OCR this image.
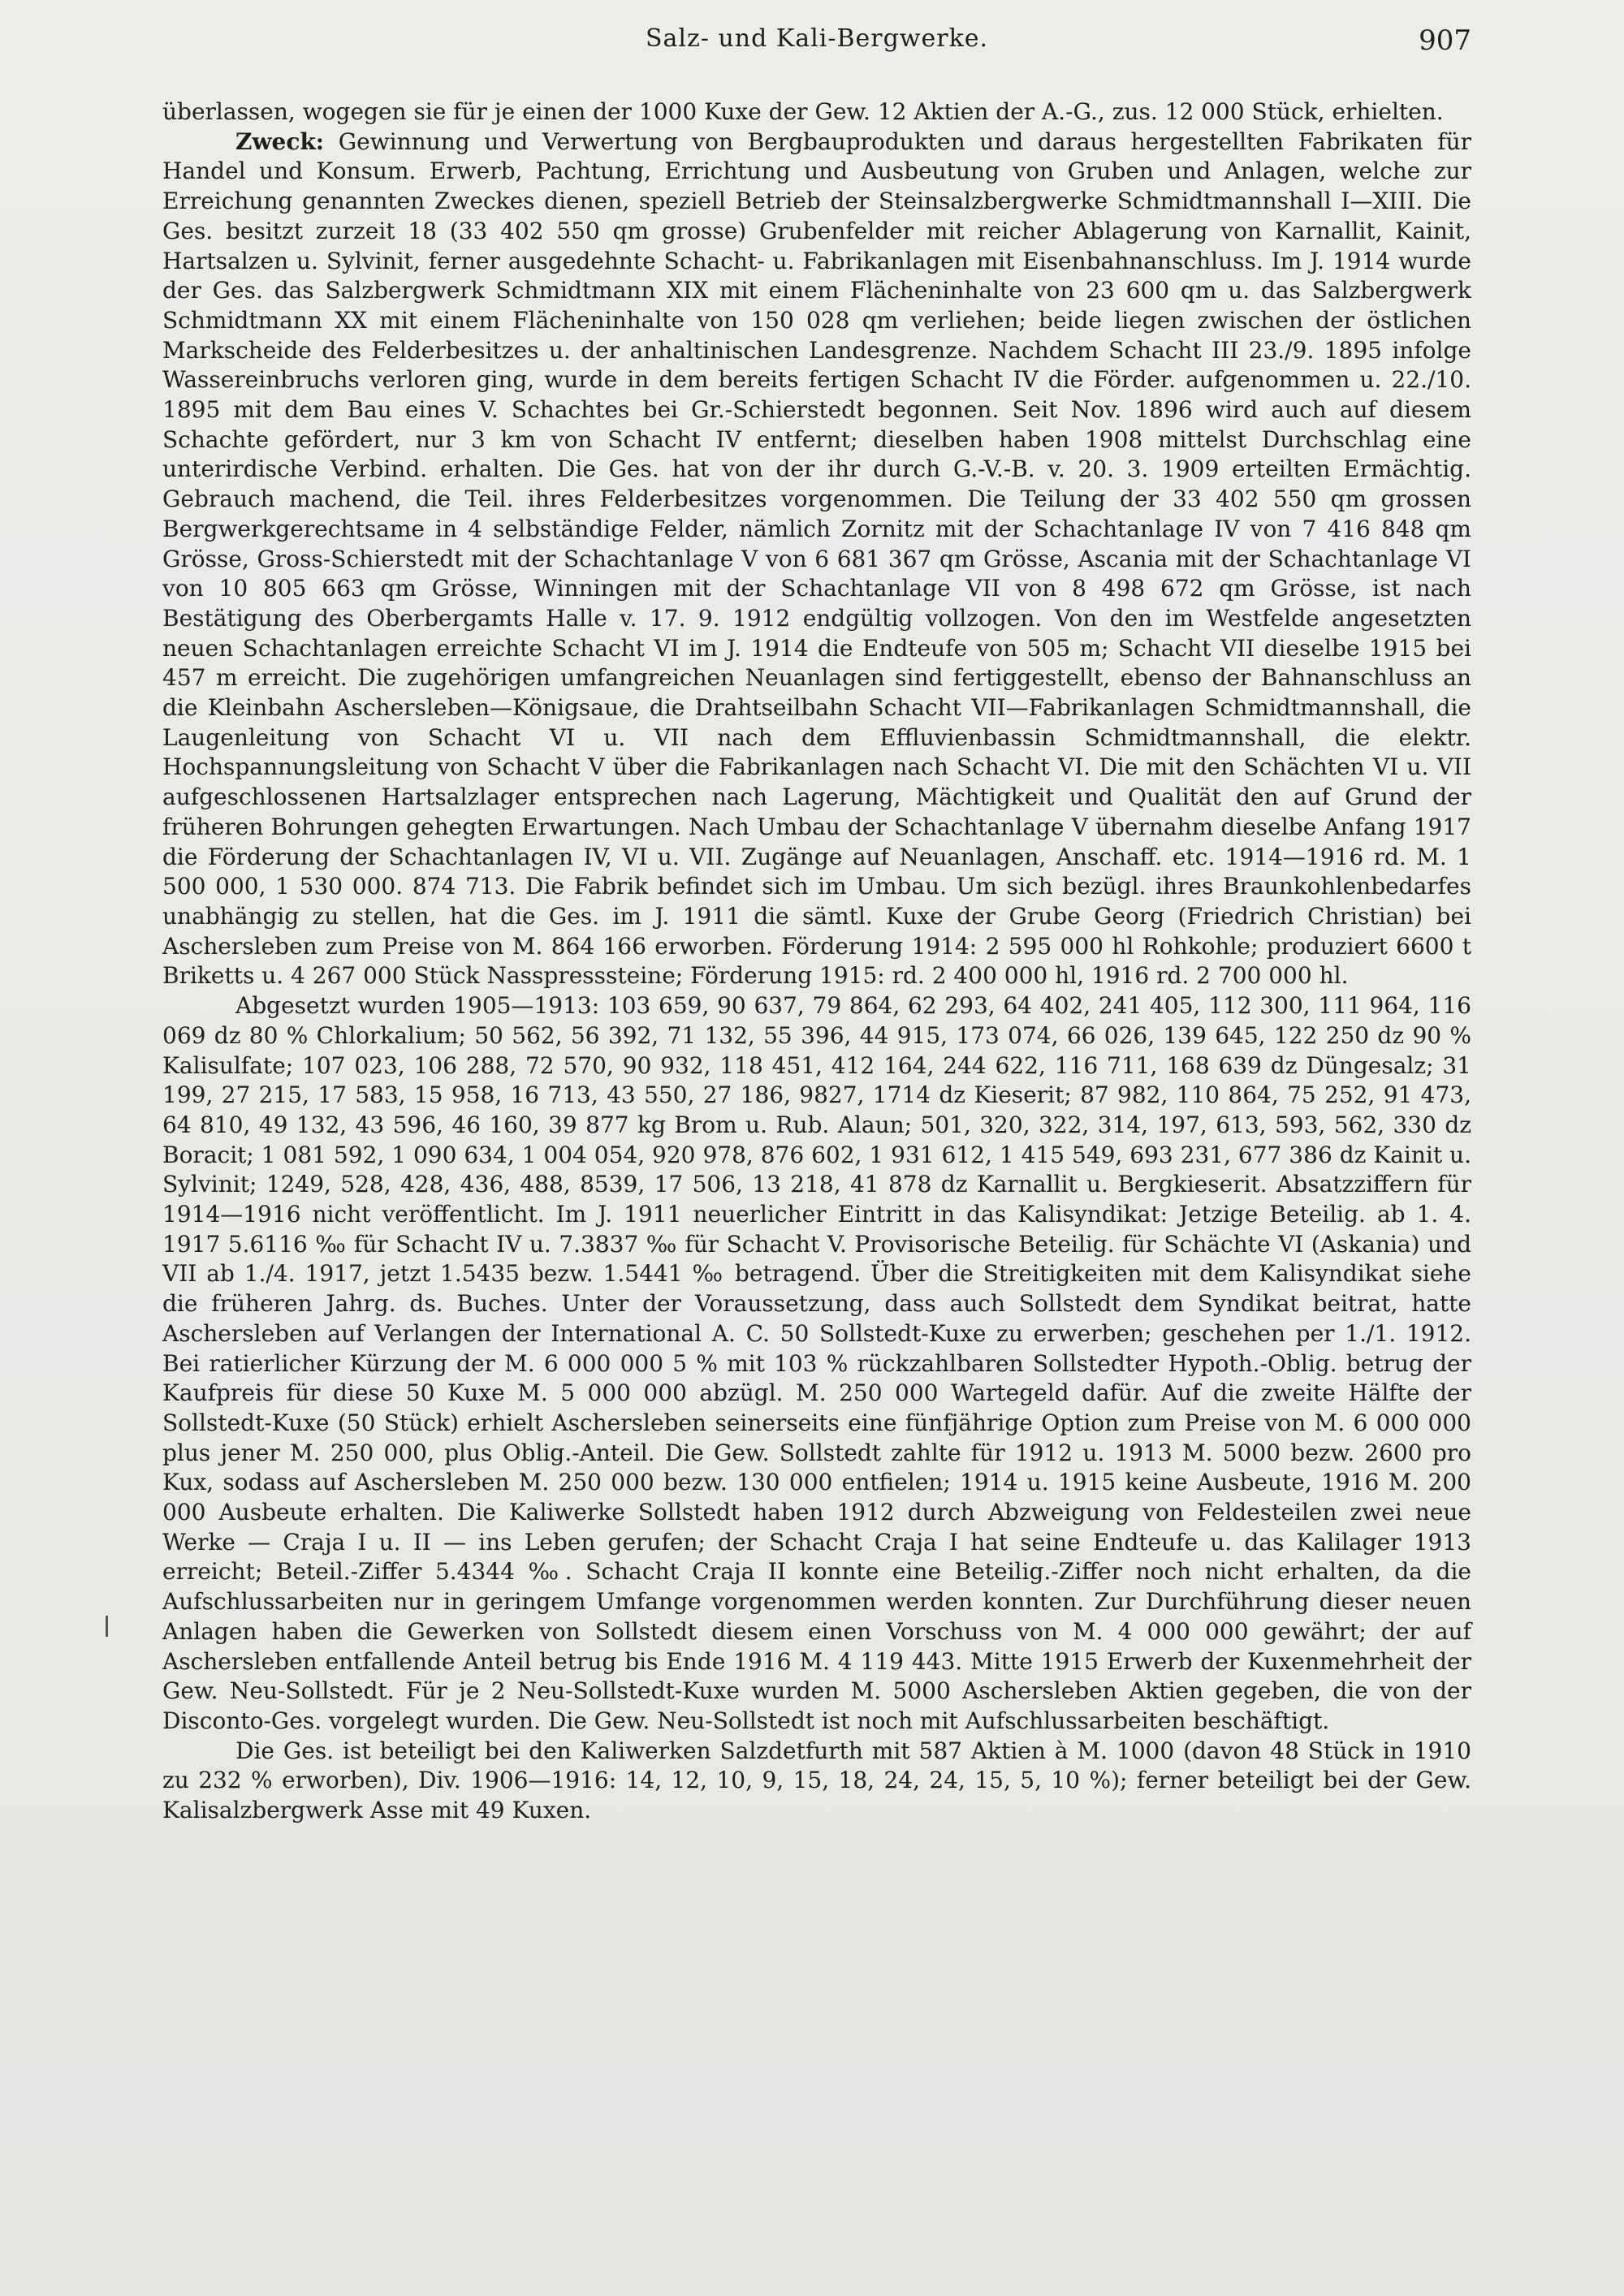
Salz- und Kali-Bergwerke.	907

überlassen, wogegen sie für je einen der 1000 Kuxe der Gew. 12 Aktien der A.-G., zus. 12 000 Stück, erhielten.

Zweck: Gewinnung und Verwertung von Bergbauprodukten und daraus hergestellten Fabrikaten für Handel und Konsum. Erwerb, Pachtung, Errichtung und Ausbeutung von Gruben und Anlagen, welche zur Erreichung genannten Zweckes dienen, speziell Betrieb der Steinsalzbergwerke Schmidtmannshall I—XIII. Die Ges. besitzt zurzeit 18 (33 402 550 qm grosse) Grubenfelder mit reicher Ablagerung von Karnallit, Kainit, Hartsalzen u. Sylvinit, ferner ausgedehnte Schacht- u. Fabrikanlagen mit Eisenbahnanschluss. Im J. 1914 wurde der Ges. das Salzbergwerk Schmidtmann XIX mit einem Flächeninhalte von 23 600 qm u. das Salzbergwerk Schmidtmann XX mit einem Flächeninhalte von 150 028 qm verliehen; beide liegen zwischen der östlichen Markscheide des Felderbesitzes u. der anhaltinischen Landesgrenze. Nachdem Schacht III 23./9. 1895 infolge Wassereinbruchs verloren ging, wurde in dem bereits fertigen Schacht IV die Förder. aufgenommen u. 22./10. 1895 mit dem Bau eines V. Schachtes bei Gr.-Schierstedt begonnen. Seit Nov. 1896 wird auch auf diesem Schachte gefördert, nur 3 km von Schacht IV entfernt; dieselben haben 1908 mittelst Durchschlag eine unterirdische Verbind. erhalten. Die Ges. hat von der ihr durch G.-V.-B. v. 20. 3. 1909 erteilten Ermächtig. Gebrauch machend, die Teil. ihres Felderbesitzes vorgenommen. Die Teilung der 33 402 550 qm grossen Bergwerkgerechtsame in 4 selbständige Felder, nämlich Zornitz mit der Schachtanlage IV von 7 416 848 qm Grösse, Gross-Schierstedt mit der Schachtanlage V von 6 681 367 qm Grösse, Ascania mit der Schachtanlage VI von 10 805 663 qm Grösse, Winningen mit der Schachtanlage VII von 8 498 672 qm Grösse, ist nach Bestätigung des Oberbergamts Halle v. 17. 9. 1912 endgültig vollzogen. Von den im Westfelde angesetzten neuen Schachtanlagen erreichte Schacht VI im J. 1914 die Endteufe von 505 m; Schacht VII dieselbe 1915 bei 457 m erreicht. Die zugehörigen umfangreichen Neuanlagen sind fertiggestellt, ebenso der Bahnanschluss an die Kleinbahn Aschersleben—Königsaue, die Drahtseilbahn Schacht VII—Fabrikanlagen Schmidtmannshall, die Laugenleitung von Schacht VI u. VII nach dem Effluvienbassin Schmidtmannshall, die elektr. Hochspannungsleitung von Schacht V über die Fabrikanlagen nach Schacht VI. Die mit den Schächten VI u. VII aufgeschlossenen Hartsalzlager entsprechen nach Lagerung, Mächtigkeit und Qualität den auf Grund der früheren Bohrungen gehegten Erwartungen. Nach Umbau der Schachtanlage V übernahm dieselbe Anfang 1917 die Förderung der Schachtanlagen IV, VI u. VII. Zugänge auf Neuanlagen, Anschaff. etc. 1914—1916 rd. M. 1 500 000, 1 530 000. 874 713. Die Fabrik befindet sich im Umbau. Um sich bezügl. ihres Braunkohlenbedarfes unabhängig zu stellen, hat die Ges. im J. 1911 die sämtl. Kuxe der Grube Georg (Friedrich Christian) bei Aschersleben zum Preise von M. 864 166 erworben. Förderung 1914: 2 595 000 hl Rohkohle; produziert 6600 t Briketts u. 4 267 000 Stück Nasspresssteine; Förderung 1915: rd. 2 400 000 hl, 1916 rd. 2 700 000 hl.

Abgesetzt wurden 1905—1913: 103 659, 90 637, 79 864, 62 293, 64 402, 241 405, 112 300, 111 964, 116 069 dz 80 % Chlorkalium; 50 562, 56 392, 71 132, 55 396, 44 915, 173 074, 66 026, 139 645, 122 250 dz 90 % Kalisulfate; 107 023, 106 288, 72 570, 90 932, 118 451, 412 164, 244 622, 116 711, 168 639 dz Düngesalz; 31 199, 27 215, 17 583, 15 958, 16 713, 43 550, 27 186, 9827, 1714 dz Kieserit; 87 982, 110 864, 75 252, 91 473, 64 810, 49 132, 43 596, 46 160, 39 877 kg Brom u. Rub. Alaun; 501, 320, 322, 314, 197, 613, 593, 562, 330 dz Boracit; 1 081 592, 1 090 634, 1 004 054, 920 978, 876 602, 1 931 612, 1 415 549, 693 231, 677 386 dz Kainit u. Sylvinit; 1249, 528, 428, 436, 488, 8539, 17 506, 13 218, 41 878 dz Karnallit u. Bergkieserit. Absatzziffern für 1914—1916 nicht veröffentlicht. Im J. 1911 neuerlicher Eintritt in das Kalisyndikat: Jetzige Beteilig. ab 1. 4. 1917 5.6116 ‰ für Schacht IV u. 7.3837 ‰ für Schacht V. Provisorische Beteilig. für Schächte VI (Askania) und VII ab 1./4. 1917, jetzt 1.5435 bezw. 1.5441 ‰ betragend. Über die Streitigkeiten mit dem Kalisyndikat siehe die früheren Jahrg. ds. Buches. Unter der Voraussetzung, dass auch Sollstedt dem Syndikat beitrat, hatte Aschersleben auf Verlangen der International A. C. 50 Sollstedt-Kuxe zu erwerben; geschehen per 1./1. 1912. Bei ratierlicher Kürzung der M. 6 000 000 5 % mit 103 % rückzahlbaren Sollstedter Hypoth.-Oblig. betrug der Kaufpreis für diese 50 Kuxe M. 5 000 000 abzügl. M. 250 000 Wartegeld dafür. Auf die zweite Hälfte der Sollstedt-Kuxe (50 Stück) erhielt Aschersleben seinerseits eine fünfjährige Option zum Preise von M. 6 000 000 plus jener M. 250 000, plus Oblig.-Anteil. Die Gew. Sollstedt zahlte für 1912 u. 1913 M. 5000 bezw. 2600 pro Kux, sodass auf Aschersleben M. 250 000 bezw. 130 000 entfielen; 1914 u. 1915 keine Ausbeute, 1916 M. 200 000 Ausbeute erhalten. Die Kaliwerke Sollstedt haben 1912 durch Abzweigung von Feldesteilen zwei neue Werke — Craja I u. II — ins Leben gerufen; der Schacht Craja I hat seine Endteufe u. das Kalilager 1913 erreicht; Beteil.-Ziffer 5.4344 ‰. Schacht Craja II konnte eine Beteilig.-Ziffer noch nicht erhalten, da die Aufschlussarbeiten nur in geringem Umfange vorgenommen werden konnten. Zur Durchführung dieser neuen Anlagen haben die Gewerken von Sollstedt diesem einen Vorschuss von M. 4 000 000 gewährt; der auf Aschersleben entfallende Anteil betrug bis Ende 1916 M. 4 119 443. Mitte 1915 Erwerb der Kuxenmehrheit der Gew. Neu-Sollstedt. Für je 2 Neu-Sollstedt-Kuxe wurden M. 5000 Aschersleben Aktien gegeben, die von der Disconto-Ges. vorgelegt wurden. Die Gew. Neu-Sollstedt ist noch mit Aufschlussarbeiten beschäftigt.

Die Ges. ist beteiligt bei den Kaliwerken Salzdetfurth mit 587 Aktien à M. 1000 (davon 48 Stück in 1910 zu 232 % erworben), Div. 1906—1916: 14, 12, 10, 9, 15, 18, 24, 24, 15, 5, 10 %); ferner beteiligt bei der Gew. Kalisalzbergwerk Asse mit 49 Kuxen.
